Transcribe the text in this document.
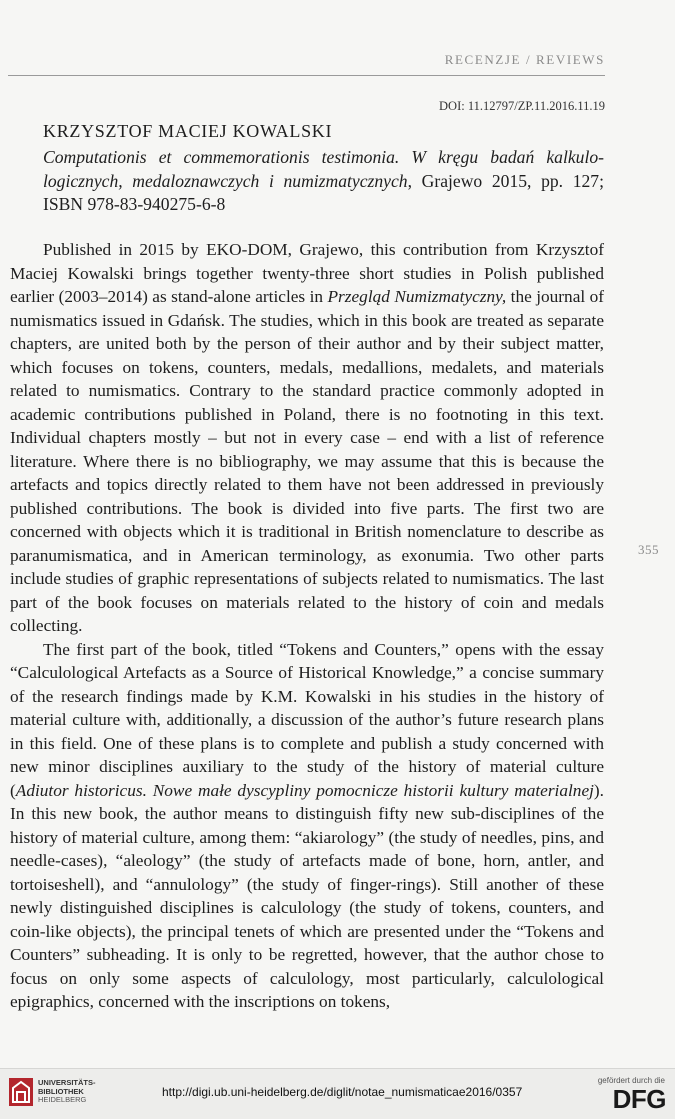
RECENZJE / REVIEWS
DOI: 11.12797/ZP.11.2016.11.19
KRZYSZTOF MACIEJ KOWALSKI

Computationis et commemorationis testimonia. W kręgu badań kalkulologicznych, medaloznawczych i numizmatycznych, Grajewo 2015, pp. 127; ISBN 978-83-940275-6-8

Published in 2015 by EKO-DOM, Grajewo, this contribution from Krzysztof Maciej Kowalski brings together twenty-three short studies in Polish published earlier (2003–2014) as stand-alone articles in Przegląd Numizmatyczny, the journal of numismatics issued in Gdańsk. The studies, which in this book are treated as separate chapters, are united both by the person of their author and by their subject matter, which focuses on tokens, counters, medals, medallions, medalets, and materials related to numismatics. Contrary to the standard practice commonly adopted in academic contributions published in Poland, there is no footnoting in this text. Individual chapters mostly – but not in every case – end with a list of reference literature. Where there is no bibliography, we may assume that this is because the artefacts and topics directly related to them have not been addressed in previously published contributions. The book is divided into five parts. The first two are concerned with objects which it is traditional in British nomenclature to describe as paranumismatica, and in American terminology, as exonumia. Two other parts include studies of graphic representations of subjects related to numismatics. The last part of the book focuses on materials related to the history of coin and medals collecting.

The first part of the book, titled “Tokens and Counters,” opens with the essay “Calculological Artefacts as a Source of Historical Knowledge,” a concise summary of the research findings made by K.M. Kowalski in his studies in the history of material culture with, additionally, a discussion of the author’s future research plans in this field. One of these plans is to complete and publish a study concerned with new minor disciplines auxiliary to the study of the history of material culture (Adiutor historicus. Nowe małe dyscypliny pomocnicze historii kultury materialnej). In this new book, the author means to distinguish fifty new sub-disciplines of the history of material culture, among them: “akiarology” (the study of needles, pins, and needle-cases), “aleology” (the study of artefacts made of bone, horn, antler, and tortoiseshell), and “annulology” (the study of finger-rings). Still another of these newly distinguished disciplines is calculology (the study of tokens, counters, and coin-like objects), the principal tenets of which are presented under the “Tokens and Counters” subheading. It is only to be regretted, however, that the author chose to focus on only some aspects of calculology, most particularly, calculological epigraphics, concerned with the inscriptions on tokens,

355
UNIVERSITÄTS-
BIBLIOTHEK
HEIDELBERG
http://digi.ub.uni-heidelberg.de/diglit/notae_numismaticae2016/0357
gefördert durch die
DFG
